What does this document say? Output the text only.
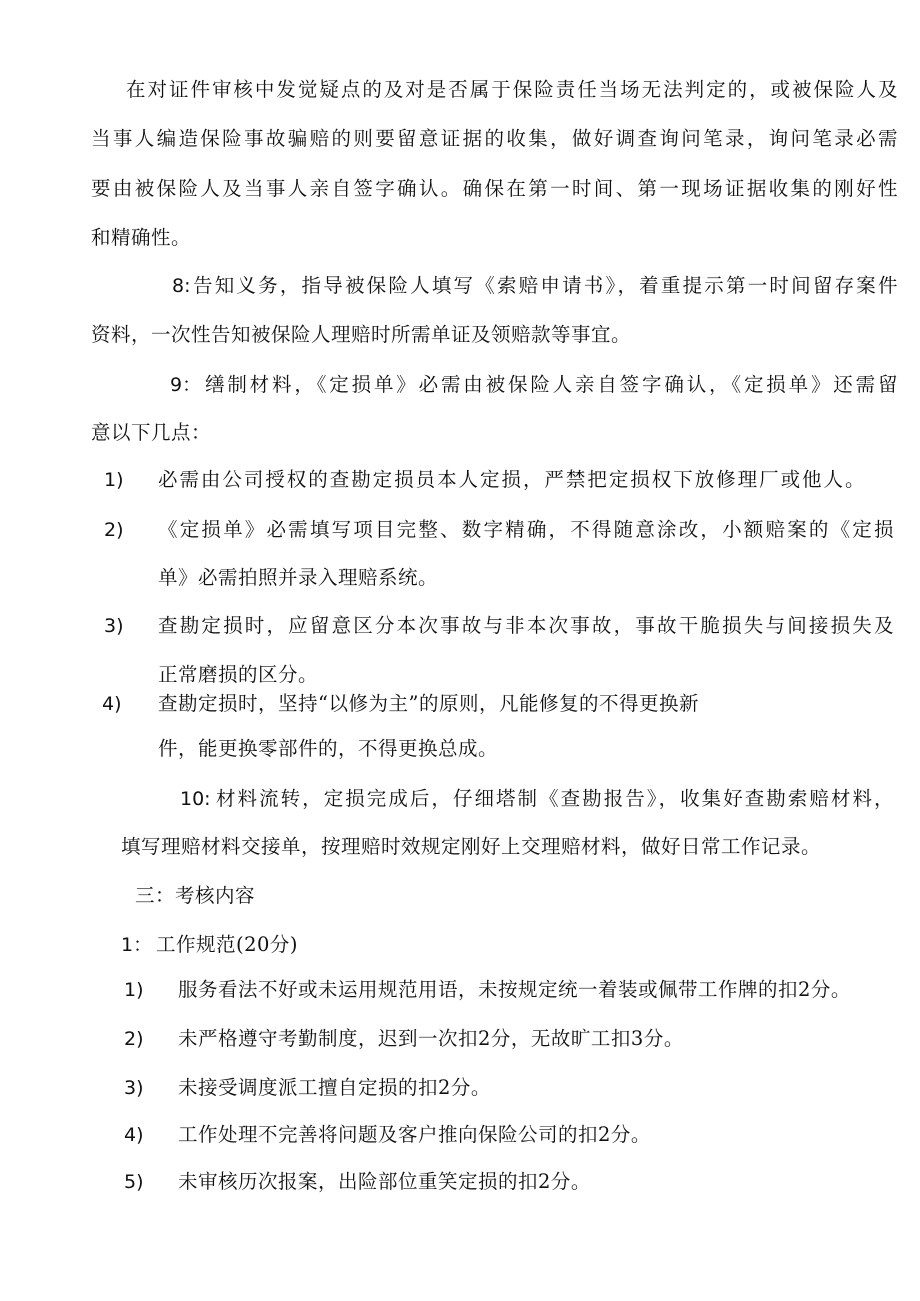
在对证件审核中发觉疑点的及对是否属于保险责任当场无法判定的，或被保险人及
当事人编造保险事故骗赔的则要留意证据的收集，做好调查询问笔录，询问笔录必需
要由被保险人及当事人亲自签字确认。确保在第一时间、第一现场证据收集的刚好性
和精确性。
8: 告知义务，指导被保险人填写《索赔申请书》，着重提示第一时间留存案件
资料，一次性告知被保险人理赔时所需单证及领赔款等事宜。
9： 缮制材料，《定损单》必需由被保险人亲自签字确认，《定损单》还需留
意以下几点：
1) 必需由公司授权的查勘定损员本人定损，严禁把定损权下放修理厂或他人。
2) 《定损单》必需填写项目完整、数字精确，不得随意涂改，小额赔案的《定损
单》必需拍照并录入理赔系统。
3) 查勘定损时，应留意区分本次事故与非本次事故，事故干脆损失与间接损失及
正常磨损的区分。
4) 查勘定损时，坚持“以修为主”的原则，凡能修复的不得更换新
件，能更换零部件的，不得更换总成。
10: 材料流转，定损完成后，仔细塔制《查勘报告》，收集好查勘索赔材料，
填写理赔材料交接单，按理赔时效规定刚好上交理赔材料，做好日常工作记录。
三：考核内容
1： 工作规范(20分)
1) 服务看法不好或未运用规范用语，未按规定统一着装或佩带工作牌的扣2分。
2) 未严格遵守考勤制度，迟到一次扣2分，无故旷工扣3分。
3) 未接受调度派工擅自定损的扣2分。
4) 工作处理不完善将问题及客户推向保险公司的扣2分。
5) 未审核历次报案，出险部位重笑定损的扣2分。
